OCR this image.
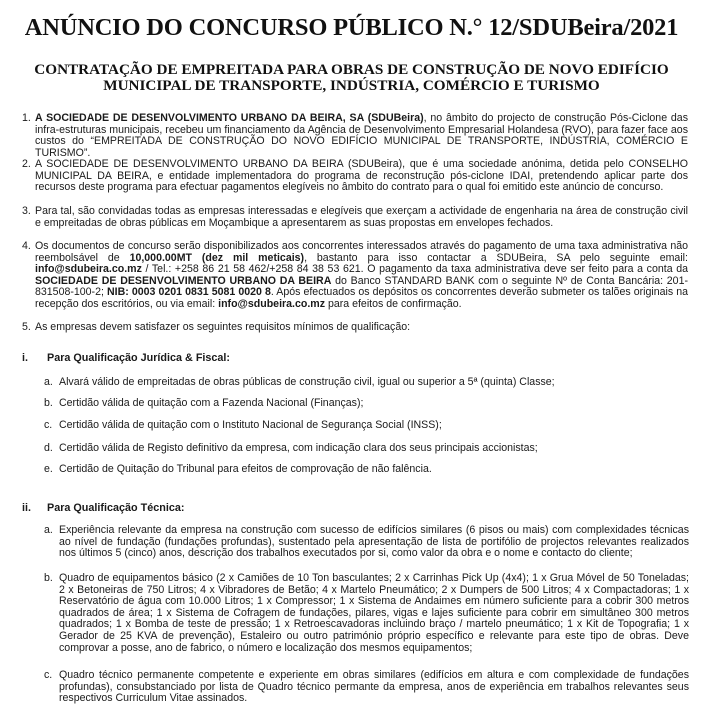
ANÚNCIO DO CONCURSO PÚBLICO N.° 12/SDUBeira/2021
CONTRATAÇÃO DE EMPREITADA PARA OBRAS DE CONSTRUÇÃO DE NOVO EDIFÍCIO
MUNICIPAL DE TRANSPORTE, INDÚSTRIA, COMÉRCIO E TURISMO
1. A SOCIEDADE DE DESENVOLVIMENTO URBANO DA BEIRA, SA (SDUBeira), no âmbito do projecto de construção Pós-Ciclone das infra-estruturas municipais, recebeu um financiamento da Agência de Desenvolvimento Empresarial Holandesa (RVO), para fazer face aos custos do “EMPREITADA DE CONSTRUÇÃO DO NOVO EDIFÍCIO MUNICIPAL DE TRANSPORTE, INDÚSTRIA, COMÉRCIO E TURISMO”.
2. A SOCIEDADE DE DESENVOLVIMENTO URBANO DA BEIRA (SDUBeira), que é uma sociedade anónima, detida pelo CONSELHO MUNICIPAL DA BEIRA, e entidade implementadora do programa de reconstrução pós-ciclone IDAI, pretendendo aplicar parte dos recursos deste programa para efectuar pagamentos elegíveis no âmbito do contrato para o qual foi emitido este anúncio de concurso.
3. Para tal, são convidadas todas as empresas interessadas e elegíveis que exerçam a actividade de engenharia na área de construção civil e empreitadas de obras públicas em Moçambique a apresentarem as suas propostas em envelopes fechados.
4. Os documentos de concurso serão disponibilizados aos concorrentes interessados através do pagamento de uma taxa administrativa não reembolsável de 10,000.00MT (dez mil meticais), bastanto para isso contactar a SDUBeira, SA pelo seguinte email: info@sdubeira.co.mz / Tel.: +258 86 21 58 462/+258 84 38 53 621. O pagamento da taxa administrativa deve ser feito para a conta da SOCIEDADE DE DESENVOLVIMENTO URBANO DA BEIRA do Banco STANDARD BANK com o seguinte Nº de Conta Bancária: 201-831508-100-2; NIB: 0003 0201 0831 5081 0020 8. Após efectuados os depósitos os concorrentes deverão submeter os talões originais na recepção dos escritórios, ou via email: info@sdubeira.co.mz para efeitos de confirmação.
5. As empresas devem satisfazer os seguintes requisitos mínimos de qualificação:
i. Para Qualificação Jurídica & Fiscal:
a. Alvará válido de empreitadas de obras públicas de construção civil, igual ou superior a 5ª (quinta) Classe;
b. Certidão válida de quitação com a Fazenda Nacional (Finanças);
c. Certidão válida de quitação com o Instituto Nacional de Segurança Social (INSS);
d. Certidão válida de Registo definitivo da empresa, com indicação clara dos seus principais accionistas;
e. Certidão de Quitação do Tribunal para efeitos de comprovação de não falência.
ii. Para Qualificação Técnica:
a. Experiência relevante da empresa na construção com sucesso de edifícios similares (6 pisos ou mais) com complexidades técnicas ao nível de fundação (fundações profundas), sustentado pela apresentação de lista de portifólio de projectos relevantes realizados nos últimos 5 (cinco) anos, descrição dos trabalhos executados por si, como valor da obra e o nome e contacto do cliente;
b. Quadro de equipamentos básico (2 x Camiões de 10 Ton basculantes; 2 x Carrinhas Pick Up (4x4); 1 x Grua Móvel de 50 Toneladas; 2 x Betoneiras de 750 Litros; 4 x Vibradores de Betão; 4 x Martelo Pneumático; 2 x Dumpers de 500 Litros; 4 x Compactadoras; 1 x Reservatório de água com 10.000 Litros; 1 x Compressor; 1 x Sistema de Andaimes em número suficiente para a cobrir 300 metros quadrados de área; 1 x Sistema de Cofragem de fundações, pilares, vigas e lajes suficiente para cobrir em simultâneo 300 metros quadrados; 1 x Bomba de teste de pressão; 1 x Retroescavadoras incluindo braço / martelo pneumático; 1 x Kit de Topografia; 1 x Gerador de 25 KVA de prevenção), Estaleiro ou outro património próprio específico e relevante para este tipo de obras. Deve comprovar a posse, ano de fabrico, o número e localização dos mesmos equipamentos;
c. Quadro técnico permanente competente e experiente em obras similares (edifícios em altura e com complexidade de fundações profundas), consubstanciado por lista de Quadro técnico permante da empresa, anos de experiência em trabalhos relevantes seus respectivos Curriculum Vitae assinados.
